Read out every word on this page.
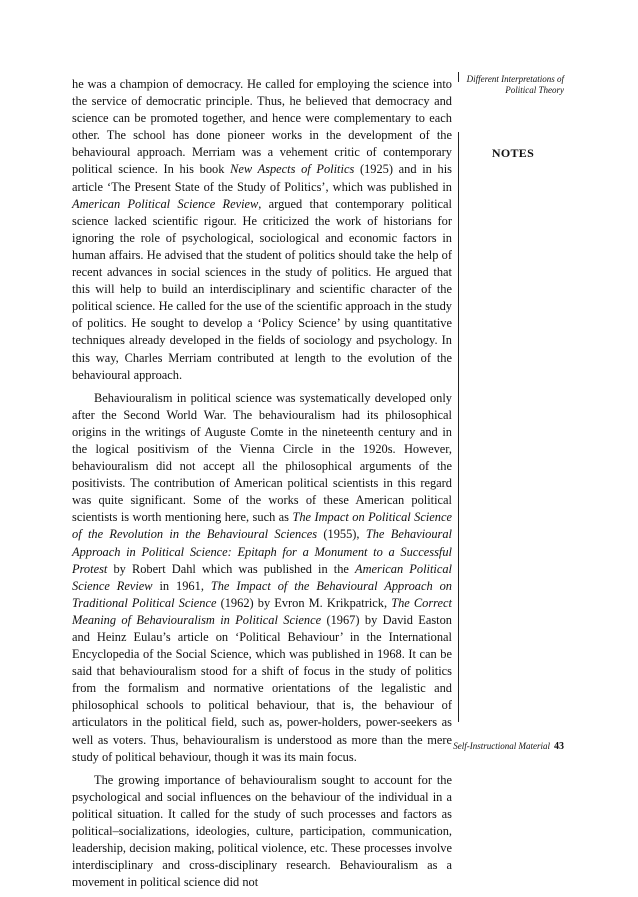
he was a champion of democracy. He called for employing the science into the service of democratic principle. Thus, he believed that democracy and science can be promoted together, and hence were complementary to each other. The school has done pioneer works in the development of the behavioural approach. Merriam was a vehement critic of contemporary political science. In his book New Aspects of Politics (1925) and in his article ‘The Present State of the Study of Politics’, which was published in American Political Science Review, argued that contemporary political science lacked scientific rigour. He criticized the work of historians for ignoring the role of psychological, sociological and economic factors in human affairs. He advised that the student of politics should take the help of recent advances in social sciences in the study of politics. He argued that this will help to build an interdisciplinary and scientific character of the political science. He called for the use of the scientific approach in the study of politics. He sought to develop a ‘Policy Science’ by using quantitative techniques already developed in the fields of sociology and psychology. In this way, Charles Merriam contributed at length to the evolution of the behavioural approach.

Behaviouralism in political science was systematically developed only after the Second World War. The behaviouralism had its philosophical origins in the writings of Auguste Comte in the nineteenth century and in the logical positivism of the Vienna Circle in the 1920s. However, behaviouralism did not accept all the philosophical arguments of the positivists. The contribution of American political scientists in this regard was quite significant. Some of the works of these American political scientists is worth mentioning here, such as The Impact on Political Science of the Revolution in the Behavioural Sciences (1955), The Behavioural Approach in Political Science: Epitaph for a Monument to a Successful Protest by Robert Dahl which was published in the American Political Science Review in 1961, The Impact of the Behavioural Approach on Traditional Political Science (1962) by Evron M. Krikpatrick, The Correct Meaning of Behaviouralism in Political Science (1967) by David Easton and Heinz Eulau’s article on ‘Political Behaviour’ in the International Encyclopedia of the Social Science, which was published in 1968. It can be said that behaviouralism stood for a shift of focus in the study of politics from the formalism and normative orientations of the legalistic and philosophical schools to political behaviour, that is, the behaviour of articulators in the political field, such as, power-holders, power-seekers as well as voters. Thus, behaviouralism is understood as more than the mere study of political behaviour, though it was its main focus.

The growing importance of behaviouralism sought to account for the psychological and social influences on the behaviour of the individual in a political situation. It called for the study of such processes and factors as political–socializations, ideologies, culture, participation, communication, leadership, decision making, political violence, etc. These processes involve interdisciplinary and cross-disciplinary research. Behaviouralism as a movement in political science did not

Different Interpretations of
Political Theory
NOTES
Self-Instructional Material 43
